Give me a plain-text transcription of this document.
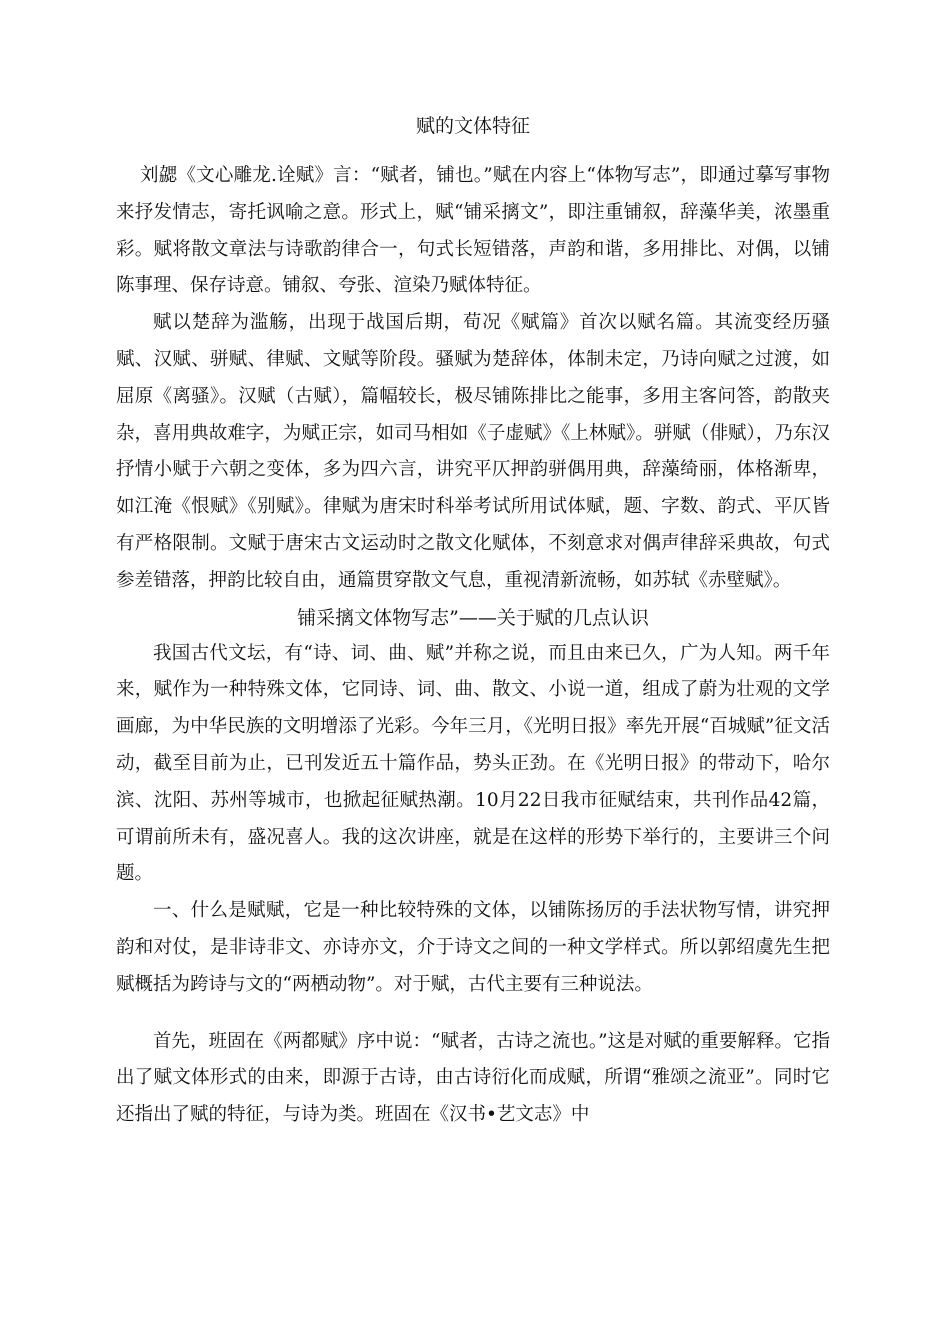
赋的文体特征

刘勰《文心雕龙.诠赋》言：“赋者，铺也。”赋在内容上“体物写志”，即通过摹写事物来抒发情志，寄托讽喻之意。形式上，赋“铺采摛文”，即注重铺叙，辞藻华美，浓墨重彩。赋将散文章法与诗歌韵律合一，句式长短错落，声韵和谐，多用排比、对偶，以铺陈事理、保存诗意。铺叙、夸张、渲染乃赋体特征。

赋以楚辞为滥觞，出现于战国后期，荀况《赋篇》首次以赋名篇。其流变经历骚赋、汉赋、骈赋、律赋、文赋等阶段。骚赋为楚辞体，体制未定，乃诗向赋之过渡，如屈原《离骚》。汉赋（古赋），篇幅较长，极尽铺陈排比之能事，多用主客问答，韵散夹杂，喜用典故难字，为赋正宗，如司马相如《子虚赋》《上林赋》。骈赋（俳赋），乃东汉抒情小赋于六朝之变体，多为四六言，讲究平仄押韵骈偶用典，辞藻绮丽，体格渐卑，如江淹《恨赋》《别赋》。律赋为唐宋时科举考试所用试体赋，题、字数、韵式、平仄皆有严格限制。文赋于唐宋古文运动时之散文化赋体，不刻意求对偶声律辞采典故，句式参差错落，押韵比较自由，通篇贯穿散文气息，重视清新流畅，如苏轼《赤壁赋》。

铺采摛文体物写志”——关于赋的几点认识

我国古代文坛，有“诗、词、曲、赋”并称之说，而且由来已久，广为人知。两千年来，赋作为一种特殊文体，它同诗、词、曲、散文、小说一道，组成了蔚为壮观的文学画廊，为中华民族的文明增添了光彩。今年三月，《光明日报》率先开展“百城赋”征文活动，截至目前为止，已刊发近五十篇作品，势头正劲。在《光明日报》的带动下，哈尔滨、沈阳、苏州等城市，也掀起征赋热潮。10月22日我市征赋结束，共刊作品42篇，可谓前所未有，盛况喜人。我的这次讲座，就是在这样的形势下举行的，主要讲三个问题。

一、什么是赋赋，它是一种比较特殊的文体，以铺陈扬厉的手法状物写情，讲究押韵和对仗，是非诗非文、亦诗亦文，介于诗文之间的一种文学样式。所以郭绍虞先生把赋概括为跨诗与文的“两栖动物”。对于赋，古代主要有三种说法。

首先，班固在《两都赋》序中说：“赋者，古诗之流也。”这是对赋的重要解释。它指出了赋文体形式的由来，即源于古诗，由古诗衍化而成赋，所谓“雅颂之流亚”。同时它还指出了赋的特征，与诗为类。班固在《汉书•艺文志》中
